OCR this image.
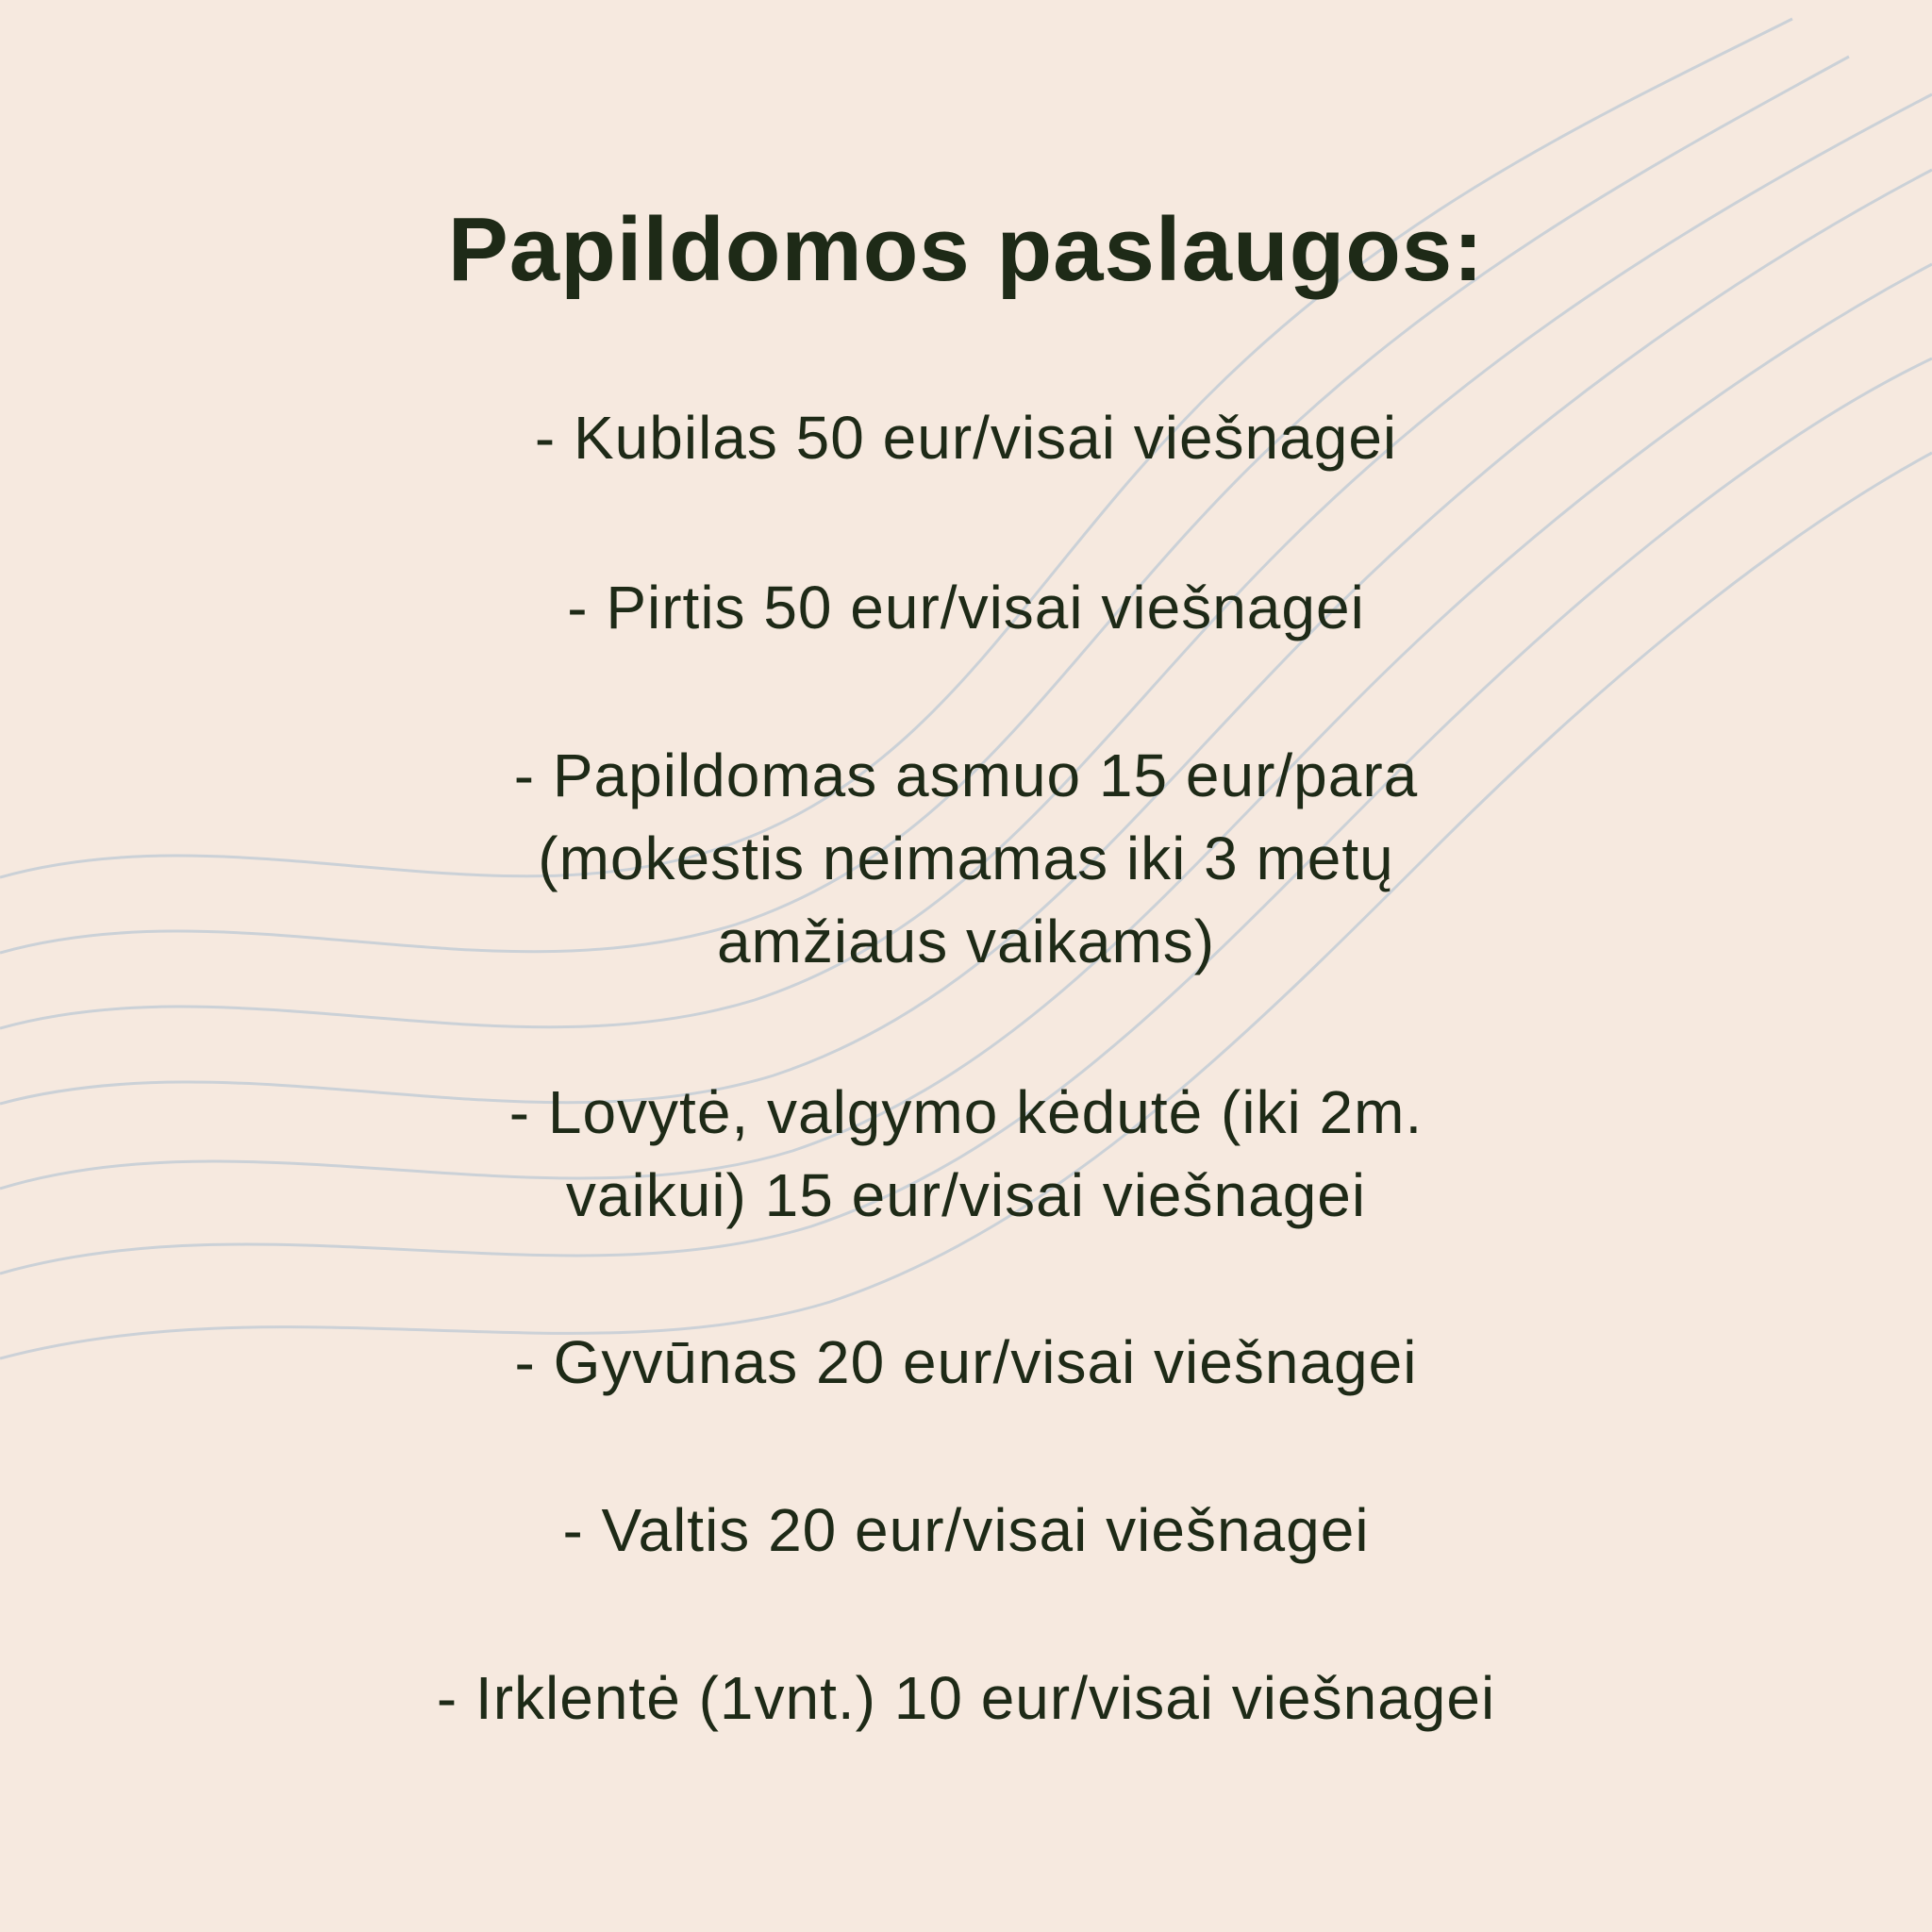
Papildomos paslaugos:

- Kubilas 50 eur/visai viešnagei

- Pirtis 50 eur/visai viešnagei

- Papildomas asmuo 15 eur/para
(mokestis neimamas iki 3 metų
amžiaus vaikams)

- Lovytė, valgymo kėdutė (iki 2m.
vaikui) 15 eur/visai viešnagei

- Gyvūnas 20 eur/visai viešnagei

- Valtis 20 eur/visai viešnagei

- Irklentė (1vnt.) 10 eur/visai viešnagei
